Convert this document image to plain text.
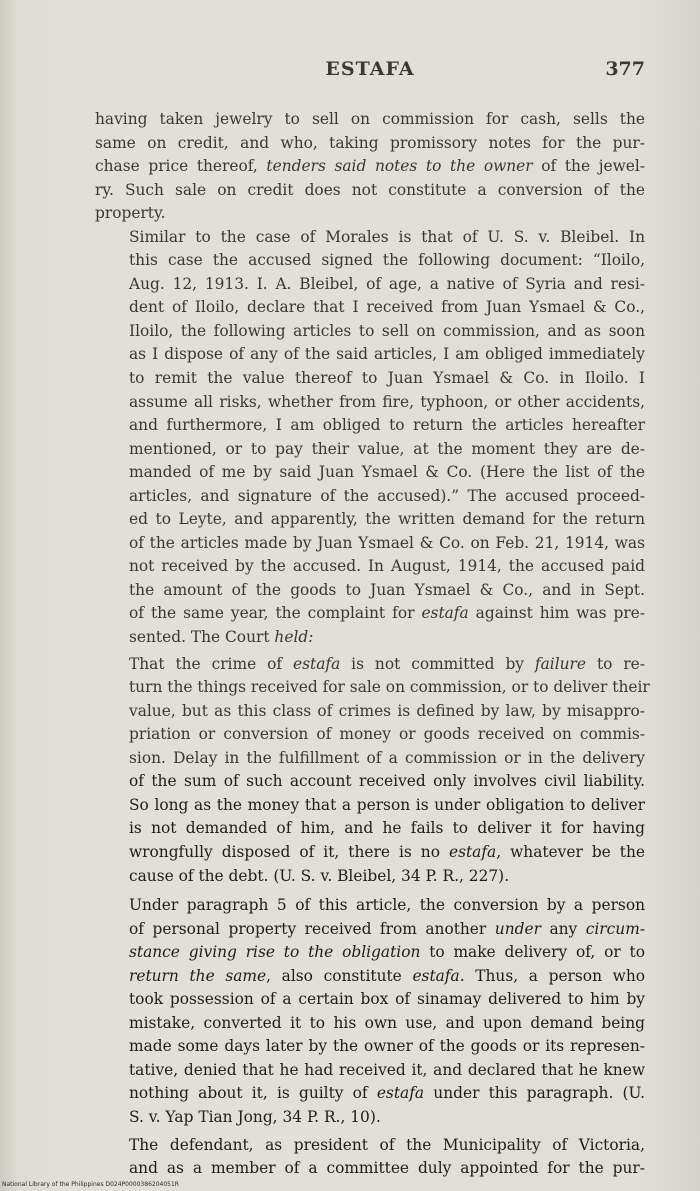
ESTAFA	377

having taken jewelry to sell on commission for cash, sells the
same on credit, and who, taking promissory notes for the pur-
chase price thereof, tenders said notes to the owner of the jewel-
ry. Such sale on credit does not constitute a conversion of the
property.

Similar to the case of Morales is that of U. S. v. Bleibel. In
this case the accused signed the following document: “Iloilo,
Aug. 12, 1913. I. A. Bleibel, of age, a native of Syria and resi-
dent of Iloilo, declare that I received from Juan Ysmael & Co.,
Iloilo, the following articles to sell on commission, and as soon
as I dispose of any of the said articles, I am obliged immediately
to remit the value thereof to Juan Ysmael & Co. in Iloilo. I
assume all risks, whether from fire, typhoon, or other accidents,
and furthermore, I am obliged to return the articles hereafter
mentioned, or to pay their value, at the moment they are de-
manded of me by said Juan Ysmael & Co. (Here the list of the
articles, and signature of the accused).” The accused proceed-
ed to Leyte, and apparently, the written demand for the return
of the articles made by Juan Ysmael & Co. on Feb. 21, 1914, was
not received by the accused. In August, 1914, the accused paid
the amount of the goods to Juan Ysmael & Co., and in Sept.
of the same year, the complaint for estafa against him was pre-
sented. The Court held:

That the crime of estafa is not committed by failure to re-
turn the things received for sale on commission, or to deliver their
value, but as this class of crimes is defined by law, by misappro-
priation or conversion of money or goods received on commis-
sion. Delay in the fulfillment of a commission or in the delivery
of the sum of such account received only involves civil liability.
So long as the money that a person is under obligation to deliver
is not demanded of him, and he fails to deliver it for having
wrongfully disposed of it, there is no estafa, whatever be the
cause of the debt. (U. S. v. Bleibel, 34 P. R., 227).

Under paragraph 5 of this article, the conversion by a person
of personal property received from another under any circum-
stance giving rise to the obligation to make delivery of, or to
return the same, also constitute estafa. Thus, a person who
took possession of a certain box of sinamay delivered to him by
mistake, converted it to his own use, and upon demand being
made some days later by the owner of the goods or its represen-
tative, denied that he had received it, and declared that he knew
nothing about it, is guilty of estafa under this paragraph. (U.
S. v. Yap Tian Jong, 34 P. R., 10).

The defendant, as president of the Municipality of Victoria,
and as a member of a committee duly appointed for the pur-

National Library of the Philippines D024P0000386204051R
